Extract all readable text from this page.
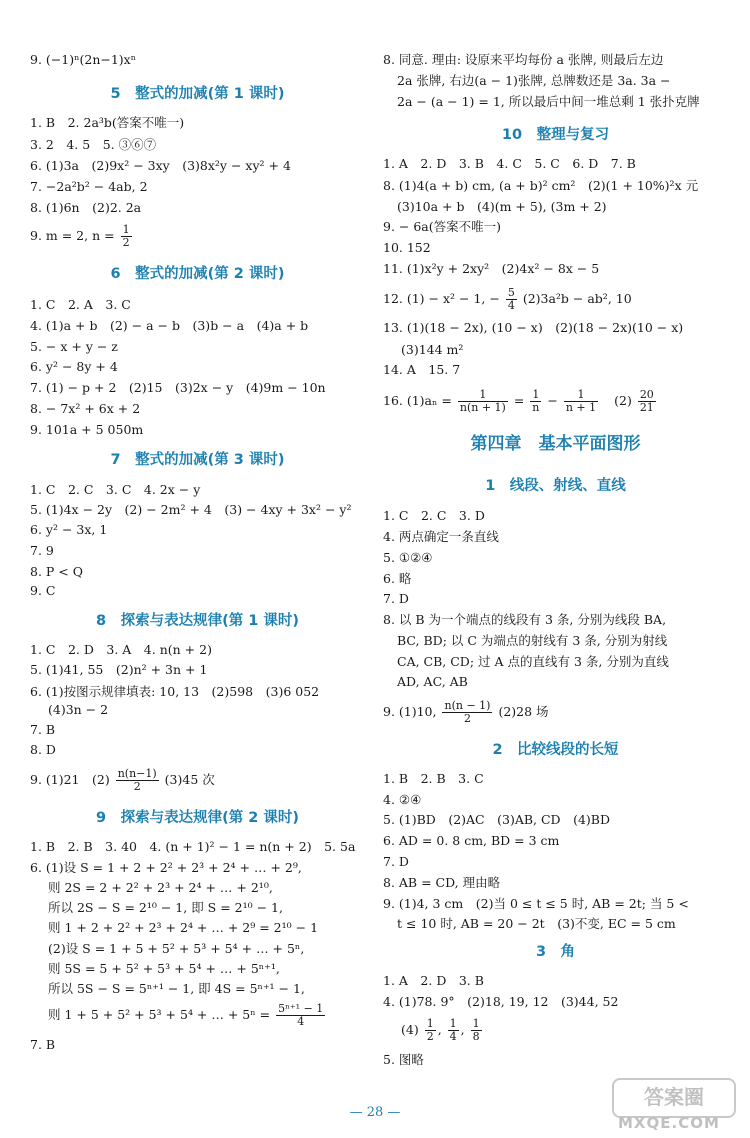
9. (−1)ⁿ(2n−1)xⁿ
5　整式的加减(第 1 课时)
1. B　2. 2a³b(答案不唯一)
3. 2　4. 5　5. ③⑥⑦
6. (1)3a　(2)9x² − 3xy　(3)8x²y − xy² + 4
7. −2a²b² − 4ab, 2
8. (1)6n　(2)2. 2a
9. m = 2, $n = \frac{1}{2}$
6　整式的加减(第 2 课时)
1. C　2. A　3. C
4. (1)a + b　(2) − a − b　(3)b − a　(4)a + b
5. − x + y − z
6. y² − 8y + 4
7. (1) − p + 2　(2)15　(3)2x − y　(4)9m − 10n
8. − 7x² + 6x + 2
9. 101a + 5 050m
7　整式的加减(第 3 课时)
1. C　2. C　3. C　4. 2x − y
5. (1)4x − 2y　(2) − 2m² + 4　(3) − 4xy + 3x² − y²
6. y² − 3x, 1
7. 9
8. P < Q
9. C
8　探索与表达规律(第 1 课时)
1. C　2. D　3. A　4. n(n + 2)
5. (1)41, 55　(2)n² + 3n + 1
6. (1)按图示规律填表: 10, 13　(2)598　(3)6 052
(4)3n − 2
7. B
8. D
9. (1)21　$(2) \frac{n(n-1)}{2} (3)45$ 次
9　探索与表达规律(第 2 课时)
1. B　2. B　3. 40　4. (n + 1)² − 1 = n(n + 2)　5. 5a
6. (1)设 S = 1 + 2 + 2² + 2³ + 2⁴ + … + 2⁹,
则 2S = 2 + 2² + 2³ + 2⁴ + … + 2¹⁰,
所以 2S − S = 2¹⁰ − 1, 即 S = 2¹⁰ − 1,
则 1 + 2 + 2² + 2³ + 2⁴ + … + 2⁹ = 2¹⁰ − 1
(2)设 S = 1 + 5 + 5² + 5³ + 5⁴ + … + 5ⁿ,
则 5S = 5 + 5² + 5³ + 5⁴ + … + 5ⁿ⁺¹,
所以 5S − S = 5ⁿ⁺¹ − 1, 即 4S = 5ⁿ⁺¹ − 1,
则 1 + 5 + 5² + 5³ + 5⁴ + … + $5^n = \frac{\text{5ⁿ⁺¹ − 1}}{4}$
7. B
8. 同意. 理由: 设原来平均每份 a 张牌, 则最后左边
2a 张牌, 右边(a − 1)张牌, 总牌数还是 3a. 3a −
2a − (a − 1) = 1, 所以最后中间一堆总剩 1 张扑克牌
10　整理与复习
1. A　2. D　3. B　4. C　5. C　6. D　7. B
8. (1)4(a + b) cm, (a + b)² cm²　(2)(1 + 10%)²x 元
(3)10a + b　(4)(m + 5), (3m + 2)
9. − 6a(答案不唯一)
10. 152
11. (1)x²y + 2xy²　(2)4x² − 8x − 5
12. (1) − x² − 1, − $\frac{5}{4} (2)3a^2b - ab^2$, 10
13. (1)(18 − 2x), (10 − x)　(2)(18 − 2x)(10 − x)
(3)144 m²
14. A　15. 7
16. $(1)a_n = \frac{1}{n(n + 1)} = \frac{1}{n} - \frac{1}{n + 1} (2) \frac{20}{21}$
第四章　基本平面图形
1　线段、射线、直线
1. C　2. C　3. D
4. 两点确定一条直线
5. ①②④
6. 略
7. D
8. 以 B 为一个端点的线段有 3 条, 分别为线段 BA,
BC, BD; 以 C 为端点的射线有 3 条, 分别为射线
CA, CB, CD; 过 A 点的直线有 3 条, 分别为直线
AD, AC, AB
9. (1)10, $\frac{n(n - 1)}{2} (2)28$ 场
2　比较线段的长短
1. B　2. B　3. C
4. ②④
5. (1)BD　(2)AC　(3)AB, CD　(4)BD
6. AD = 0. 8 cm, BD = 3 cm
7. D
8. AB = CD, 理由略
9. (1)4, 3 cm　(2)当 0 ≤ t ≤ 5 时, AB = 2t; 当 5 <
t ≤ 10 时, AB = 20 − 2t　(3)不变, EC = 5 cm
3　角
1. A　2. D　3. B
4. (1)78. 9°　(2)18, 19, 12　(3)44, 52
$(4) \frac{1}{2}$ , $\frac{1}{4}$ , $\frac{1}{8}$
5. 图略
— 28 —
答案圈
MXQE.COM
